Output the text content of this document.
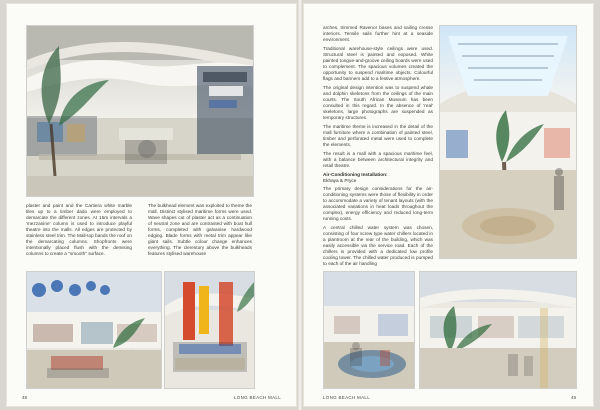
plaster and paint and the Cartiera white marble tiles up to a timber dado were employed to demarcate the different zones. At 15m intervals a 'mezzanine' column is used to introduce playful theatre into the malls. All edges are protected by stainless steel trim. The Mall-top bands the roof on the demarcating columns. Shopfronts were intentionally placed flush with the demising columns to create a "smooth" surface.

The bulkhead element was exploited to theme the mall. Distinct stylised maritime forms were used. Wave shapes cut of plaster act as a continuation of neutral zone and are contrasted with boat hull forms, completed with galvanise hardwood edging. Blade forms with metal trim appear like giant sails. Subtle colour change enhances everything. The clerestory above the bulkheads features stylised warehouse

48	LONG BEACH MALL

arches, trimmed Ravenor bases and sailing cresse interiors. Tensile sails further hint at a seaside environment.

Traditional warehouse-style ceilings were used. Structural steel is painted and exposed. White painted tongue-and-groove ceiling boards were used to complement. The spacious volumes created the opportunity to suspend maritime objects. Colourful flags and banners add to a festive atmosphere.

The original design intention was to suspend whale and dolphin skeletons from the ceilings of the main courts. The South African Museum has been consulted in this regard. In the absence of 'real' skeletons, large photographs are suspended as temporary structures.

The maritime theme is increased in the detail of the mall furniture where a combination of painted steel, timber and perforated metal were used to complete the elements.

The result is a mall with a spacious maritime feel, with a balance between architectural integrity and retail theatre.

Air-Conditioning Installation:

Ekhaya & Pryce

The primary design considerations for the air-conditioning systems were those of flexibility in order to accommodate a variety of tenant layouts (with the associated variations in heat loads throughout the complex), energy efficiency and reduced long-term running costs.

A central chilled water system was chosen, consisting of four screw type water chillers located in a plantroom at the rear of the building, which was easily accessible via the service road. Each of the chillers is provided with a dedicated low profile cooling tower. The chilled water produced is pumped to each of the air handling

LONG BEACH MALL	49
